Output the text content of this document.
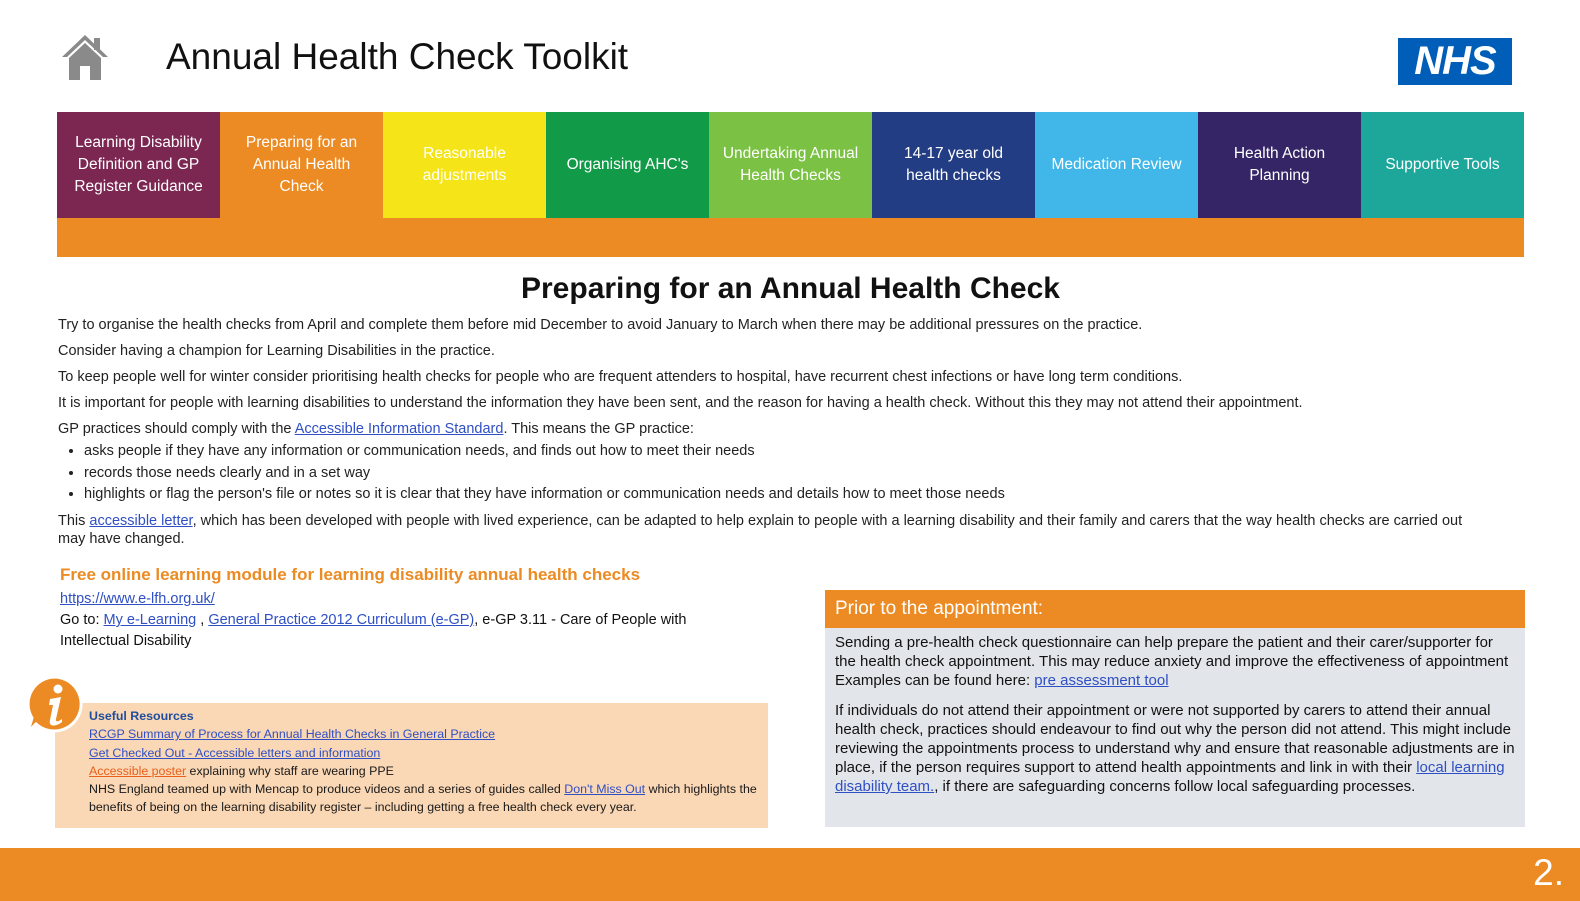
Annual Health Check Toolkit	NHS
Learning Disability Definition and GP Register Guidance
Preparing for an Annual Health Check
Reasonable adjustments
Organising AHC's
Undertaking Annual Health Checks
14-17 year old health checks
Medication Review
Health Action Planning
Supportive Tools
Preparing for an Annual Health Check

Try to organise the health checks from April and complete them before mid December to avoid January to March when there may be additional pressures on the practice.

Consider having a champion for Learning Disabilities in the practice.

To keep people well for winter consider prioritising health checks for people who are frequent attenders to hospital, have recurrent chest infections or have long term conditions.

It is important for people with learning disabilities to understand the information they have been sent, and the reason for having a health check. Without this they may not attend their appointment.

GP practices should comply with the Accessible Information Standard. This means the GP practice:

• asks people if they have any information or communication needs, and finds out how to meet their needs
• records those needs clearly and in a set way
• highlights or flag the person's file or notes so it is clear that they have information or communication needs and details how to meet those needs

This accessible letter, which has been developed with people with lived experience, can be adapted to help explain to people with a learning disability and their family and carers that the way health checks are carried out may have changed.

Free online learning module for learning disability annual health checks

https://www.e-lfh.org.uk/

Go to: My e-Learning , General Practice 2012 Curriculum (e-GP), e-GP 3.11 - Care of People with Intellectual Disability

Useful Resources
RCGP Summary of Process for Annual Health Checks in General Practice
Get Checked Out - Accessible letters and information
Accessible poster explaining why staff are wearing PPE
NHS England teamed up with Mencap to produce videos and a series of guides called Don't Miss Out which highlights the benefits of being on the learning disability register – including getting a free health check every year.
Prior to the appointment:

Sending a pre-health check questionnaire can help prepare the patient and their carer/supporter for the health check appointment. This may reduce anxiety and improve the effectiveness of appointment Examples can be found here: pre assessment tool

If individuals do not attend their appointment or were not supported by carers to attend their annual health check, practices should endeavour to find out why the person did not attend. This might include reviewing the appointments process to understand why and ensure that reasonable adjustments are in place, if the person requires support to attend health appointments and link in with their local learning disability team., if there are safeguarding concerns follow local safeguarding processes.

2.
